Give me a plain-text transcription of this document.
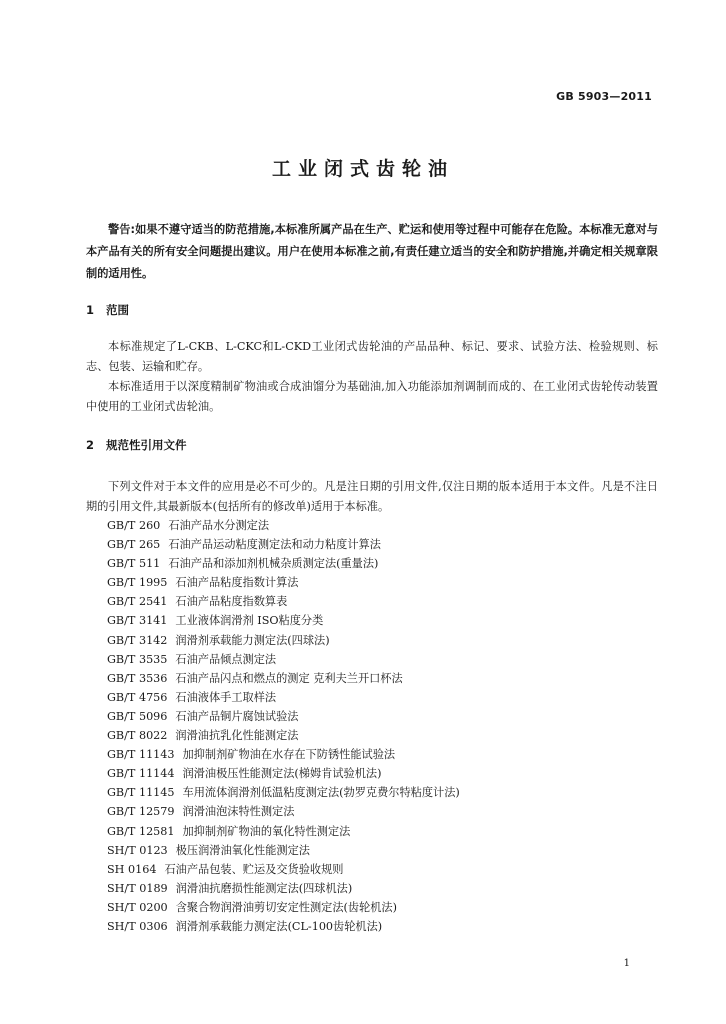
GB 5903—2011
工业闭式齿轮油
警告:如果不遵守适当的防范措施,本标准所属产品在生产、贮运和使用等过程中可能存在危险。本标准无意对与本产品有关的所有安全问题提出建议。用户在使用本标准之前,有责任建立适当的安全和防护措施,并确定相关规章限制的适用性。
1 范围
本标准规定了L-CKB、L-CKC和L-CKD工业闭式齿轮油的产品品种、标记、要求、试验方法、检验规则、标志、包装、运输和贮存。
本标准适用于以深度精制矿物油或合成油馏分为基础油,加入功能添加剂调制而成的、在工业闭式齿轮传动装置中使用的工业闭式齿轮油。
2 规范性引用文件
下列文件对于本文件的应用是必不可少的。凡是注日期的引用文件,仅注日期的版本适用于本文件。凡是不注日期的引用文件,其最新版本(包括所有的修改单)适用于本标准。
GB/T 260 石油产品水分测定法
GB/T 265 石油产品运动粘度测定法和动力粘度计算法
GB/T 511 石油产品和添加剂机械杂质测定法(重量法)
GB/T 1995 石油产品粘度指数计算法
GB/T 2541 石油产品粘度指数算表
GB/T 3141 工业液体润滑剂 ISO粘度分类
GB/T 3142 润滑剂承载能力测定法(四球法)
GB/T 3535 石油产品倾点测定法
GB/T 3536 石油产品闪点和燃点的测定 克利夫兰开口杯法
GB/T 4756 石油液体手工取样法
GB/T 5096 石油产品铜片腐蚀试验法
GB/T 8022 润滑油抗乳化性能测定法
GB/T 11143 加抑制剂矿物油在水存在下防锈性能试验法
GB/T 11144 润滑油极压性能测定法(梯姆肯试验机法)
GB/T 11145 车用流体润滑剂低温粘度测定法(勃罗克费尔特粘度计法)
GB/T 12579 润滑油泡沫特性测定法
GB/T 12581 加抑制剂矿物油的氧化特性测定法
SH/T 0123 极压润滑油氧化性能测定法
SH 0164 石油产品包装、贮运及交货验收规则
SH/T 0189 润滑油抗磨损性能测定法(四球机法)
SH/T 0200 含聚合物润滑油剪切安定性测定法(齿轮机法)
SH/T 0306 润滑剂承载能力测定法(CL-100齿轮机法)
1
